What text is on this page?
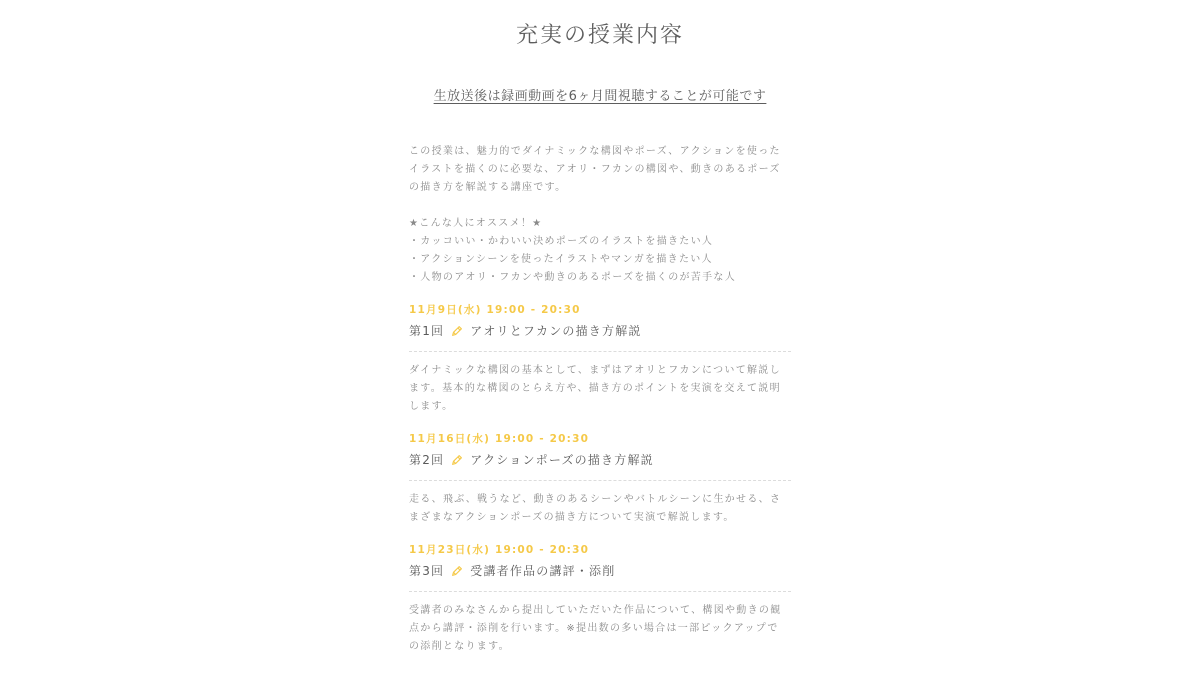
充実の授業内容
生放送後は録画動画を6ヶ月間視聴することが可能です
この授業は、魅力的でダイナミックな構図やポーズ、アクションを使った
イラストを描くのに必要な、アオリ・フカンの構図や、動きのあるポーズ
の描き方を解説する講座です。
★こんな人にオススメ！★
・カッコいい・かわいい決めポーズのイラストを描きたい人
・アクションシーンを使ったイラストやマンガを描きたい人
・人物のアオリ・フカンや動きのあるポーズを描くのが苦手な人
11月9日(水) 19:00 - 20:30
第1回 アオリとフカンの描き方解説
ダイナミックな構図の基本として、まずはアオリとフカンについて解説し
ます。基本的な構図のとらえ方や、描き方のポイントを実演を交えて説明
します。
11月16日(水) 19:00 - 20:30
第2回 アクションポーズの描き方解説
走る、飛ぶ、戦うなど、動きのあるシーンやバトルシーンに生かせる、さ
まざまなアクションポーズの描き方について実演で解説します。
11月23日(水) 19:00 - 20:30
第3回 受講者作品の講評・添削
受講者のみなさんから提出していただいた作品について、構図や動きの観
点から講評・添削を行います。※提出数の多い場合は一部ピックアップで
の添削となります。
